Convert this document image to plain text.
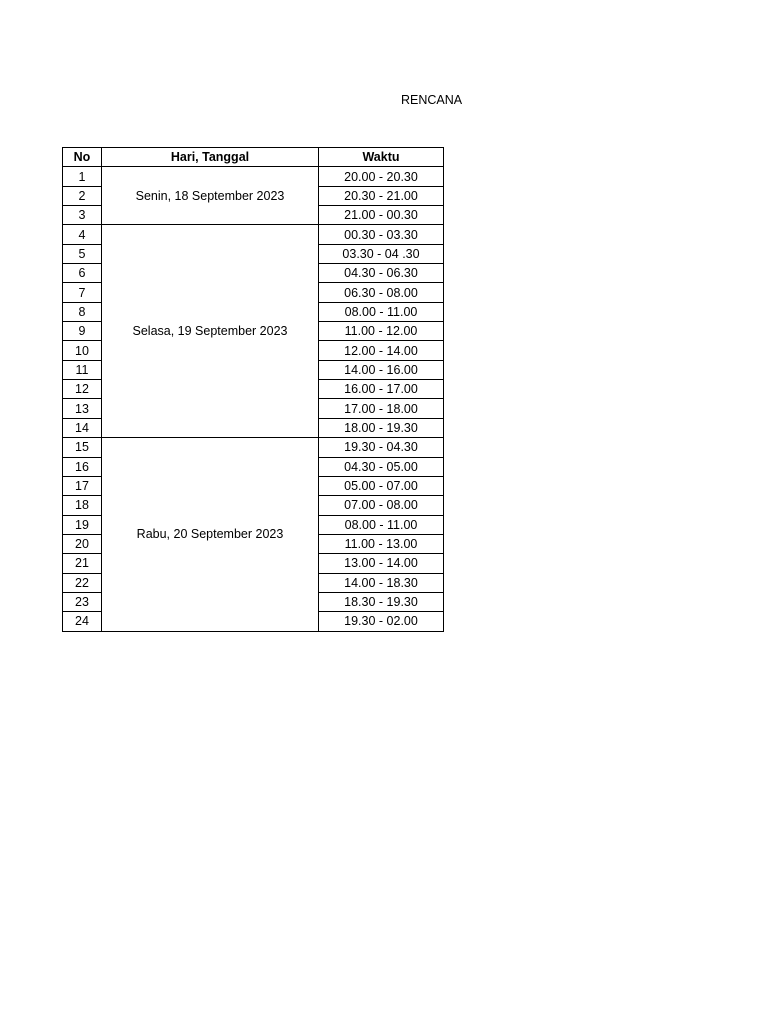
RENCANA
No	Hari, Tanggal	Waktu
1	Senin, 18 September 2023	20.00 - 20.30
2		20.30 - 21.00
3		21.00 - 00.30
4	Selasa, 19 September 2023	00.30 - 03.30
5		03.30 - 04 .30
6		04.30 - 06.30
7		06.30 - 08.00
8		08.00 - 11.00
9		11.00 - 12.00
10		12.00 - 14.00
11		14.00 - 16.00
12		16.00 - 17.00
13		17.00 - 18.00
14		18.00 - 19.30
15	Rabu, 20 September 2023	19.30 - 04.30
16		04.30 - 05.00
17		05.00 - 07.00
18		07.00 - 08.00
19		08.00 - 11.00
20		11.00 - 13.00
21		13.00 - 14.00
22		14.00 - 18.30
23		18.30 - 19.30
24		19.30 - 02.00
